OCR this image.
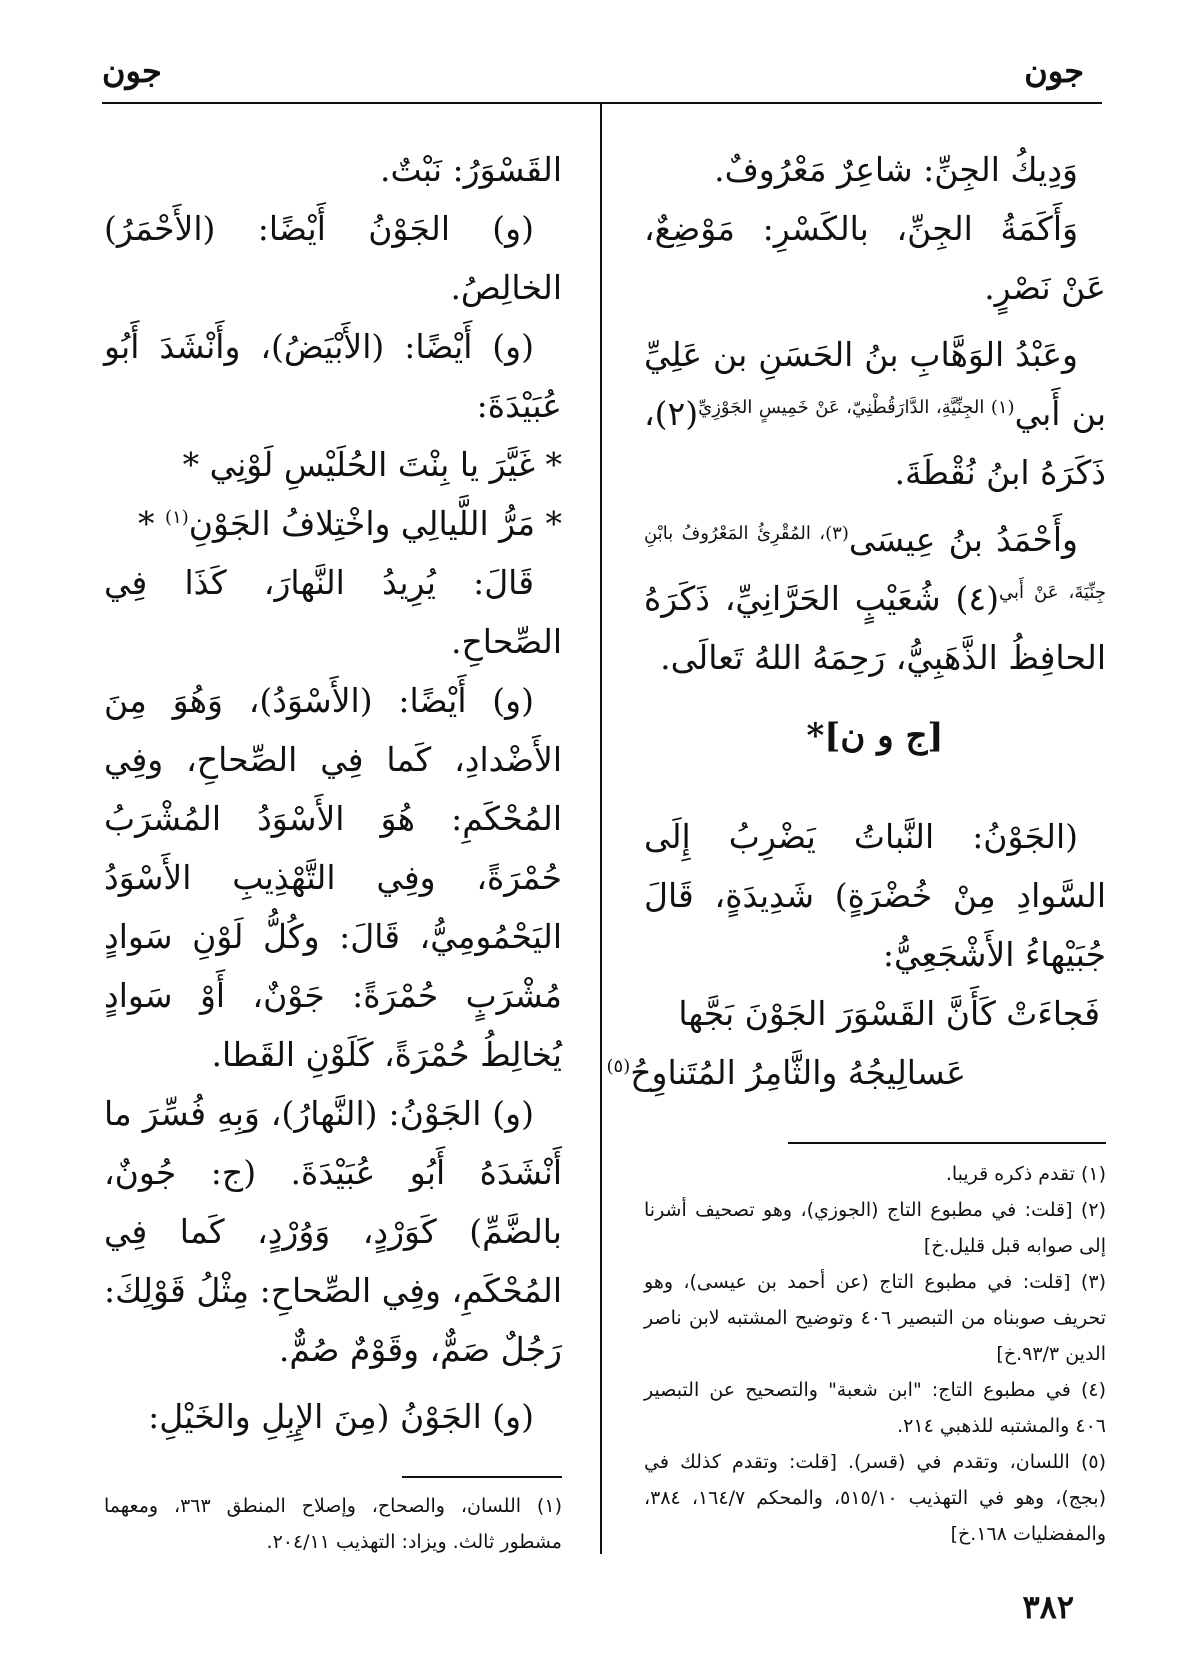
جون
جون

وَدِيكُ الجِنِّ: شاعِرٌ مَعْرُوفٌ.

وَأَكَمَةُ الجِنِّ، بالكَسْرِ: مَوْضِعٌ، عَنْ نَصْرٍ.

وعَبْدُ الوَهَّابِ بنُ الحَسَنِ بن عَلِيِّ بن أَبي$^{(١) الجِنِّيَّةِ، الدَّارَقُطْنِيّ، عَنْ خَمِيسٍ الجَوْزِيِّ}$(٢)، ذَكَرَهُ ابنُ نُقْطَةَ.

وأَحْمَدُ بنُ عِيسَى$^{(٣)، المُقْرِئُ المَعْرُوفُ بابْنِ جِنِّيَةَ، عَنْ أَبي}$(٤) شُعَيْبٍ الحَرَّانِيِّ، ذَكَرَهُ الحافِظُ الذَّهَبِيُّ، رَحِمَهُ اللهُ تَعالَى.

[ج و ن]*

(الجَوْنُ: النَّباتُ يَضْرِبُ إِلَى السَّوادِ مِنْ خُضْرَةٍ) شَدِيدَةٍ، قَالَ جُبَيْهاءُ الأَشْجَعِيُّ:

فَجاءَتْ كَأَنَّ القَسْوَرَ الجَوْنَ بَجَّها

عَسالِيجُهُ والثَّامِرُ المُتَناوِحُ$^{(٥)}$

(١) تقدم ذكره قريبا.

(٢) [قلت: في مطبوع التاج (الجوزي)، وهو تصحيف أشرنا إلى صوابه قبل قليل.خ]

(٣) [قلت: في مطبوع التاج (عن أحمد بن عيسى)، وهو تحريف صوبناه من التبصير ٤٠٦ وتوضيح المشتبه لابن ناصر الدين ٩٣/٣.خ]

(٤) في مطبوع التاج: "ابن شعبة" والتصحيح عن التبصير ٤٠٦ والمشتبه للذهبي ٢١٤.

(٥) اللسان، وتقدم في (قسر). [قلت: وتقدم كذلك في (بجج)، وهو في التهذيب ٥١٥/١٠، والمحكم ١٦٤/٧، ٣٨٤، والمفضليات ١٦٨.خ]

القَسْوَرُ: نَبْتٌ.

(و) الجَوْنُ أَيْضًا: (الأَحْمَرُ) الخالِصُ.

(و) أَيْضًا: (الأَبْيَضُ)، وأَنْشَدَ أَبُو عُبَيْدَةَ:

* غَيَّرَ يا بِنْتَ الحُلَيْسِ لَوْنِي *

* مَرُّ اللَّيالِي واخْتِلافُ الجَوْنِ$^{(١)}$ *

قَالَ: يُرِيدُ النَّهارَ، كَذَا فِي الصِّحاحِ.

(و) أَيْضًا: (الأَسْوَدُ)، وَهُوَ مِنَ الأَضْدادِ، كَما فِي الصِّحاحِ، وفِي المُحْكَمِ: هُوَ الأَسْوَدُ المُشْرَبُ حُمْرَةً، وفِي التَّهْذِيبِ الأَسْوَدُ اليَحْمُومِيُّ، قَالَ: وكُلُّ لَوْنِ سَوادٍ مُشْرَبٍ حُمْرَةً: جَوْنٌ، أَوْ سَوادٍ يُخالِطُ حُمْرَةً، كَلَوْنِ القَطا.

(و) الجَوْنُ: (النَّهارُ)، وَبِهِ فُسِّرَ ما أَنْشَدَهُ أَبُو عُبَيْدَةَ. (ج: جُونٌ، بالضَّمِّ) كَوَرْدٍ، وَوُرْدٍ، كَما فِي المُحْكَمِ، وفِي الصِّحاحِ: مِثْلُ قَوْلِكَ: رَجُلٌ صَمٌّ، وقَوْمٌ صُمٌّ.

(و) الجَوْنُ (مِنَ الإِبِلِ والخَيْلِ:

(١) اللسان، والصحاح، وإصلاح المنطق ٣٦٣، ومعهما مشطور ثالث. ويزاد: التهذيب ٢٠٤/١١.

٣٨٢
